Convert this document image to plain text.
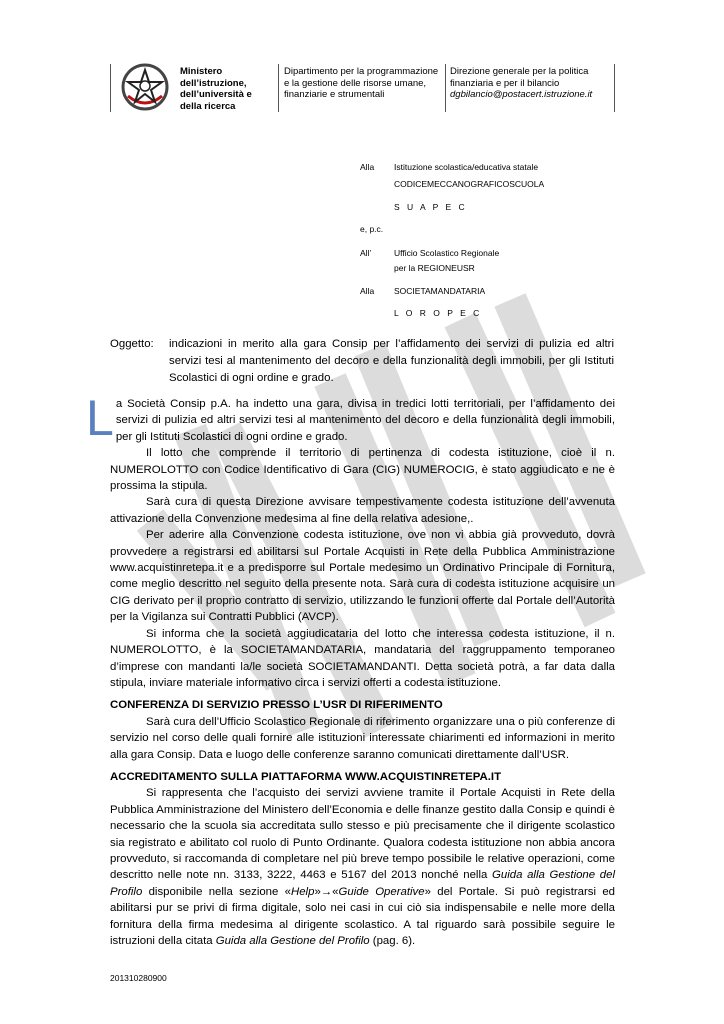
Ministero dell’istruzione, dell’università e della ricerca
Dipartimento per la programmazione e la gestione delle risorse umane, finanziarie e strumentali
Direzione generale per la politica finanziaria e per il bilancio
dgbilancio@postacert.istruzione.it
Alla Istituzione scolastica/educativa statale
CODICEMECCANOGRAFICOSCUOLA
S U A P E C
e, p.c.
All’	Ufficio Scolastico Regionale
per la REGIONEUSR
Alla SOCIETAMANDATARIA
L O R O P E C
Oggetto: indicazioni in merito alla gara Consip per l’affidamento dei servizi di pulizia ed altri servizi tesi al mantenimento del decoro e della funzionalità degli immobili, per gli Istituti Scolastici di ogni ordine e grado.

La Società Consip p.A. ha indetto una gara, divisa in tredici lotti territoriali, per l’affidamento dei servizi di pulizia ed altri servizi tesi al mantenimento del decoro e della funzionalità degli immobili, per gli Istituti Scolastici di ogni ordine e grado.

Il lotto che comprende il territorio di pertinenza di codesta istituzione, cioè il n. NUMEROLOTTO con Codice Identificativo di Gara (CIG) NUMEROCIG, è stato aggiudicato e ne è prossima la stipula.

Sarà cura di questa Direzione avvisare tempestivamente codesta istituzione dell’avvenuta attivazione della Convenzione medesima al fine della relativa adesione,.

Per aderire alla Convenzione codesta istituzione, ove non vi abbia già provveduto, dovrà provvedere a registrarsi ed abilitarsi sul Portale Acquisti in Rete della Pubblica Amministrazione www.acquistinretepa.it e a predisporre sul Portale medesimo un Ordinativo Principale di Fornitura, come meglio descritto nel seguito della presente nota. Sarà cura di codesta istituzione acquisire un CIG derivato per il proprio contratto di servizio, utilizzando le funzioni offerte dal Portale dell’Autorità per la Vigilanza sui Contratti Pubblici (AVCP).

Si informa che la società aggiudicataria del lotto che interessa codesta istituzione, il n. NUMEROLOTTO, è la SOCIETAMANDATARIA, mandataria del raggruppamento temporaneo d’imprese con mandanti la/le società SOCIETAMANDANTI. Detta società potrà, a far data dalla stipula, inviare materiale informativo circa i servizi offerti a codesta istituzione.

CONFERENZA DI SERVIZIO PRESSO L’USR DI RIFERIMENTO

Sarà cura dell’Ufficio Scolastico Regionale di riferimento organizzare una o più conferenze di servizio nel corso delle quali fornire alle istituzioni interessate chiarimenti ed informazioni in merito alla gara Consip. Data e luogo delle conferenze saranno comunicati direttamente dall’USR.

ACCREDITAMENTO SULLA PIATTAFORMA WWW.ACQUISTINRETEPA.IT

Si rappresenta che l’acquisto dei servizi avviene tramite il Portale Acquisti in Rete della Pubblica Amministrazione del Ministero dell’Economia e delle finanze gestito dalla Consip e quindi è necessario che la scuola sia accreditata sullo stesso e più precisamente che il dirigente scolastico sia registrato e abilitato col ruolo di Punto Ordinante. Qualora codesta istituzione non abbia ancora provveduto, si raccomanda di completare nel più breve tempo possibile le relative operazioni, come descritto nelle note nn. 3133, 3222, 4463 e 5167 del 2013 nonché nella Guida alla Gestione del Profilo disponibile nella sezione «Help»→«Guide Operative» del Portale. Si può registrarsi ed abilitarsi pur se privi di firma digitale, solo nei casi in cui ciò sia indispensabile e nelle more della fornitura della firma medesima al dirigente scolastico. A tal riguardo sarà possibile seguire le istruzioni della citata Guida alla Gestione del Profilo (pag. 6).

201310280900
